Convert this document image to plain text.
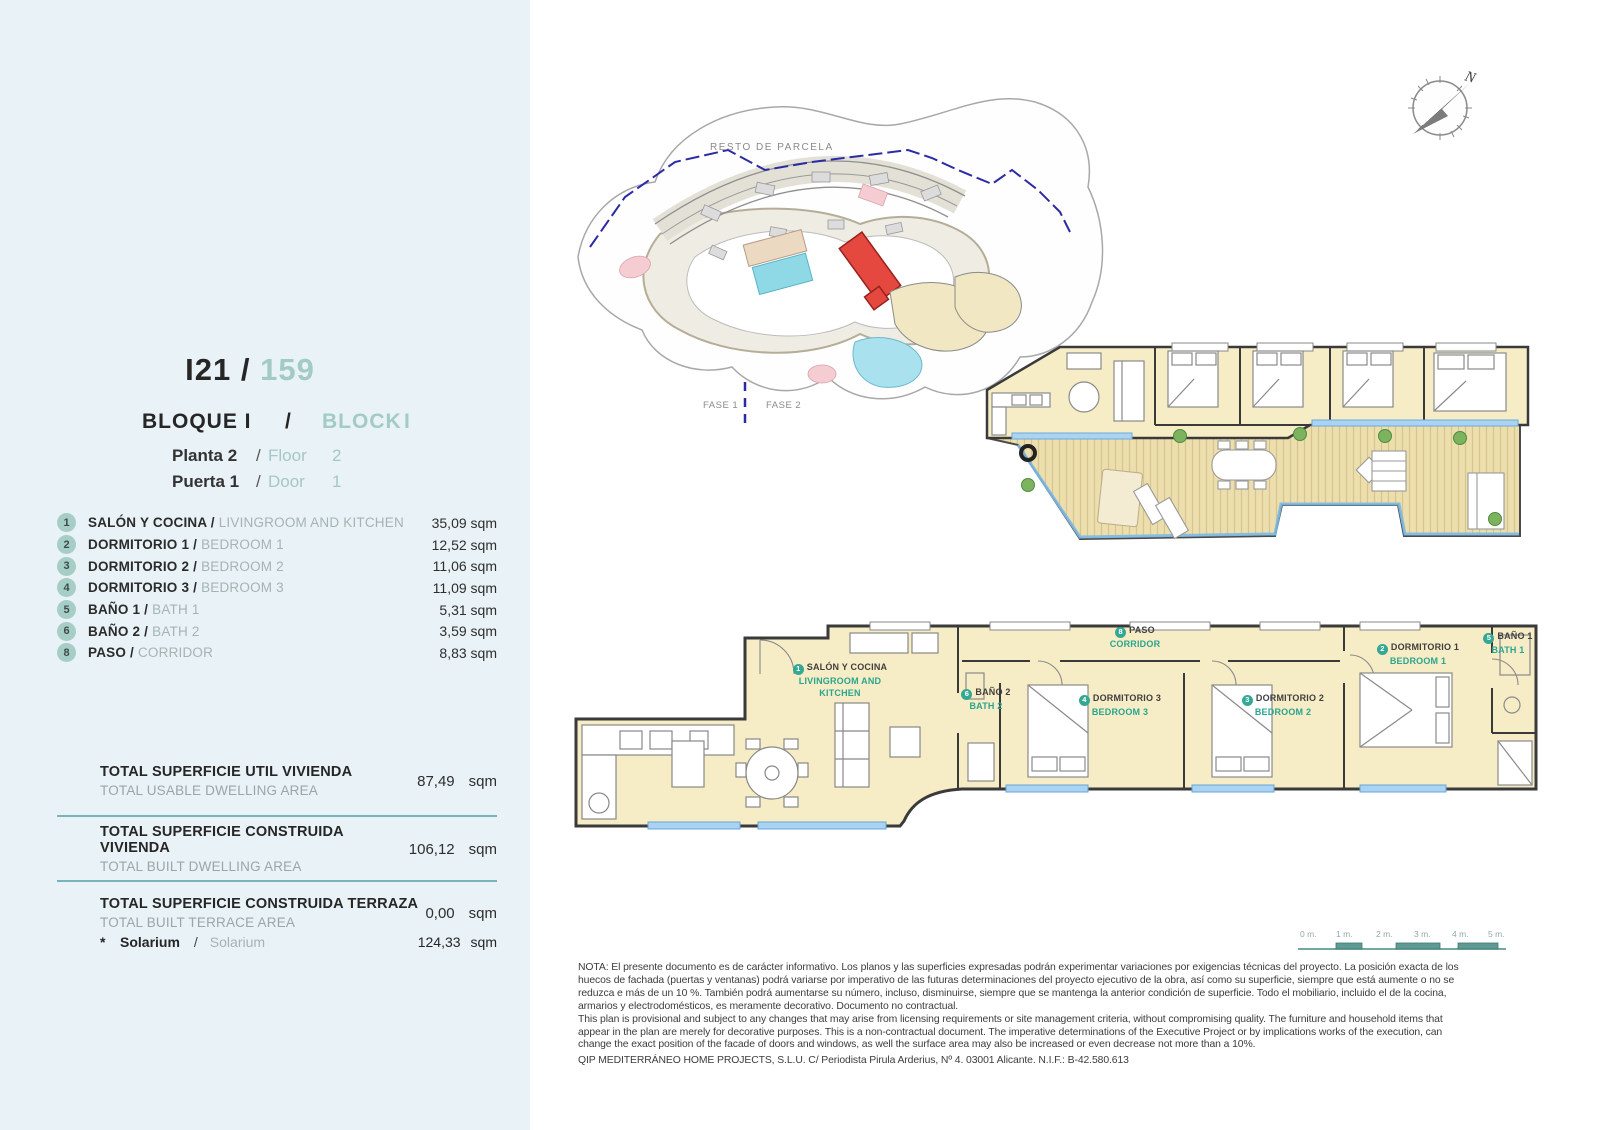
I21 / 159
BLOQUE I / BLOCK I
Planta 2 / Floor 2
Puerta 1 / Door 1
1	SALÓN Y COCINA / LIVINGROOM AND KITCHEN 35,09 sqm
2	DORMITORIO 1 / BEDROOM 1	12,52 sqm
3	DORMITORIO 2 / BEDROOM 2	11,06 sqm
4	DORMITORIO 3 / BEDROOM 3	11,09 sqm
5	BAÑO 1 / BATH 1	5,31 sqm
6	BAÑO 2 / BATH 2	3,59 sqm
8	PASO / CORRIDOR	8,83 sqm
TOTAL SUPERFICIE UTIL VIVIENDA
TOTAL USABLE DWELLING AREA
87,49 sqm
TOTAL SUPERFICIE CONSTRUIDA VIVIENDA
TOTAL BUILT DWELLING AREA
106,12 sqm
TOTAL SUPERFICIE CONSTRUIDA TERRAZA
TOTAL BUILT TERRACE AREA
0,00 sqm
*	Solarium / Solarium	124,33 sqm
RESTO DE PARCELA
FASE 1	FASE 2
N
1 SALÓN Y COCINA
LIVINGROOM AND
KITCHEN
8 PASO
CORRIDOR
6 BAÑO 2
BATH 2
4 DORMITORIO 3
BEDROOM 3
3 DORMITORIO 2
BEDROOM 2
2 DORMITORIO 1
BEDROOM 1
5 BAÑO 1
BATH 1
0 m. 1 m.	2 m.	3 m.	4 m. 5 m.
NOTA: El presente documento es de carácter informativo. Los planos y las superficies expresadas podrán experimentar variaciones por exigencias técnicas del proyecto. La posición exacta de los
huecos de fachada (puertas y ventanas) podrá variarse por imperativo de las futuras determinaciones del proyecto ejecutivo de la obra, así como su superficie, siempre que está aumente o no se
reduzca e más de un 10 %. También podrá aumentarse su número, incluso, disminuirse, siempre que se mantenga la anterior condición de superficie. Todo el mobiliario, incluido el de la cocina,
armarios y electrodomésticos, es meramente decorativo. Documento no contractual.
This plan is provisional and subject to any changes that may arise from licensing requirements or site management criteria, without compromising quality. The furniture and household items that
appear in the plan are merely for decorative purposes. This is a non-contractual document. The imperative determinations of the Executive Project or by implications works of the execution, can
change the exact position of the facade of doors and windows, as well the surface area may also be increased or even decrease not more than a 10%.
QIP MEDITERRÁNEO HOME PROJECTS, S.L.U. C/ Periodista Pirula Arderius, Nº 4. 03001 Alicante. N.I.F.: B-42.580.613
